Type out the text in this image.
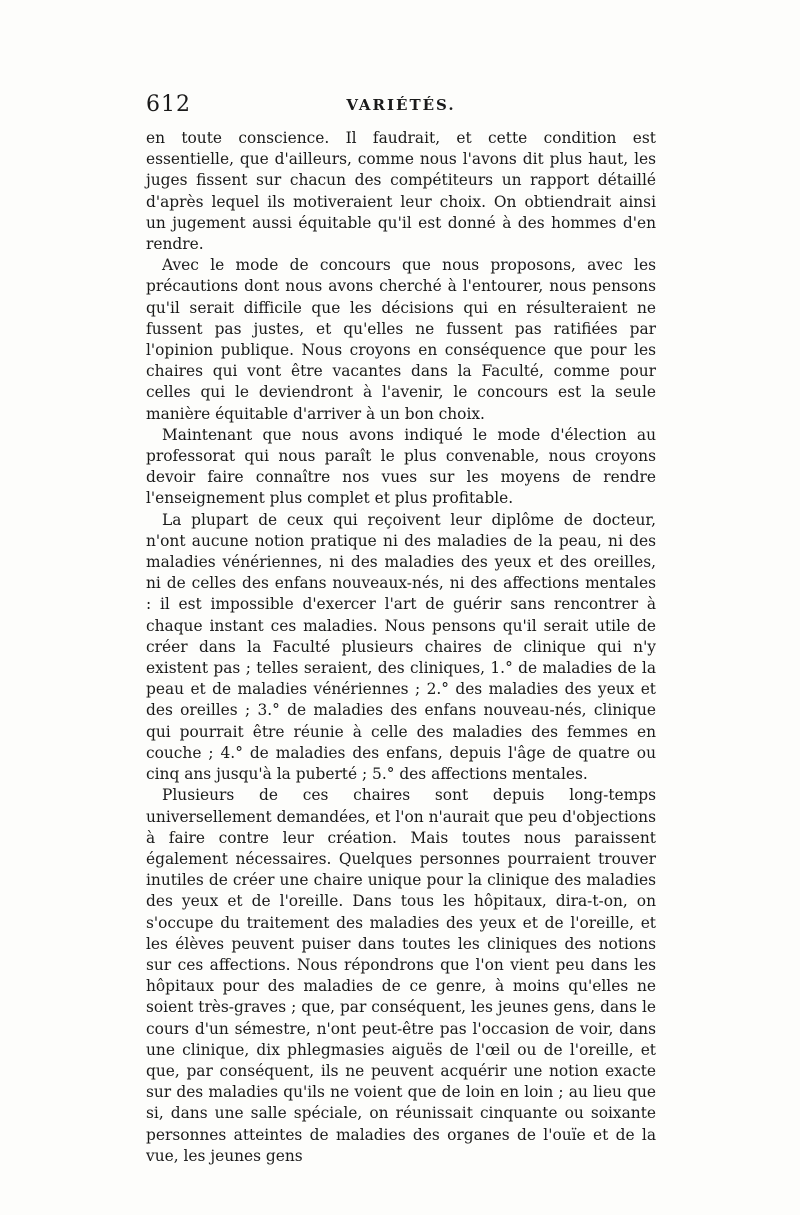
612	VARIÉTÉS.

en toute conscience. Il faudrait, et cette condition est essentielle, que d'ailleurs, comme nous l'avons dit plus haut, les juges fissent sur chacun des compétiteurs un rapport détaillé d'après lequel ils motiveraient leur choix. On obtiendrait ainsi un jugement aussi équitable qu'il est donné à des hommes d'en rendre.

Avec le mode de concours que nous proposons, avec les précautions dont nous avons cherché à l'entourer, nous pensons qu'il serait difficile que les décisions qui en résulteraient ne fussent pas justes, et qu'elles ne fussent pas ratifiées par l'opinion publique. Nous croyons en conséquence que pour les chaires qui vont être vacantes dans la Faculté, comme pour celles qui le deviendront à l'avenir, le concours est la seule manière équitable d'arriver à un bon choix.

Maintenant que nous avons indiqué le mode d'élection au professorat qui nous paraît le plus convenable, nous croyons devoir faire connaître nos vues sur les moyens de rendre l'enseignement plus complet et plus profitable.

La plupart de ceux qui reçoivent leur diplôme de docteur, n'ont aucune notion pratique ni des maladies de la peau, ni des maladies vénériennes, ni des maladies des yeux et des oreilles, ni de celles des enfans nouveaux-nés, ni des affections mentales : il est impossible d'exercer l'art de guérir sans rencontrer à chaque instant ces maladies. Nous pensons qu'il serait utile de créer dans la Faculté plusieurs chaires de clinique qui n'y existent pas ; telles seraient, des cliniques, 1.° de maladies de la peau et de maladies vénériennes ; 2.° des maladies des yeux et des oreilles ; 3.° de maladies des enfans nouveau-nés, clinique qui pourrait être réunie à celle des maladies des femmes en couche ; 4.° de maladies des enfans, depuis l'âge de quatre ou cinq ans jusqu'à la puberté ; 5.° des affections mentales.

Plusieurs de ces chaires sont depuis long-temps universellement demandées, et l'on n'aurait que peu d'objections à faire contre leur création. Mais toutes nous paraissent également nécessaires. Quelques personnes pourraient trouver inutiles de créer une chaire unique pour la clinique des maladies des yeux et de l'oreille. Dans tous les hôpitaux, dira-t-on, on s'occupe du traitement des maladies des yeux et de l'oreille, et les élèves peuvent puiser dans toutes les cliniques des notions sur ces affections. Nous répondrons que l'on vient peu dans les hôpitaux pour des maladies de ce genre, à moins qu'elles ne soient très-graves ; que, par conséquent, les jeunes gens, dans le cours d'un sémestre, n'ont peut-être pas l'occasion de voir, dans une clinique, dix phlegmasies aiguës de l'œil ou de l'oreille, et que, par conséquent, ils ne peuvent acquérir une notion exacte sur des maladies qu'ils ne voient que de loin en loin ; au lieu que si, dans une salle spéciale, on réunissait cinquante ou soixante personnes atteintes de maladies des organes de l'ouïe et de la vue, les jeunes gens
